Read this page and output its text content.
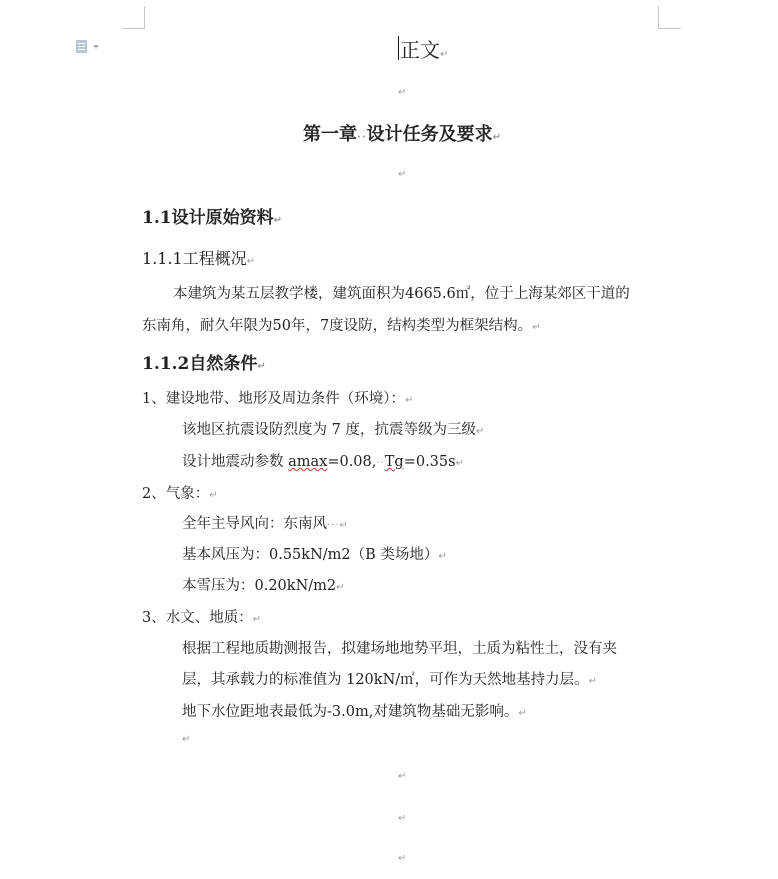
正文↵
↵
第一章··设计任务及要求↵
↵
1.1设计原始资料↵
1.1.1工程概况↵
本建筑为某五层教学楼，建筑面积为4665.6㎡，位于上海某郊区干道的
东南角，耐久年限为50年，7度设防，结构类型为框架结构。↵
1.1.2自然条件↵
1、建设地带、地形及周边条件（环境）：↵
该地区抗震设防烈度为 7 度，抗震等级为三级↵
设计地震动参数 amax=0.08,··Tg=0.35s↵
2、气象：↵
全年主导风向：东南风···↵
基本风压为：0.55kN/m2（B 类场地）↵
本雪压为：0.20kN/m2↵
3、水文、地质：↵
根据工程地质勘测报告，拟建场地地势平坦，土质为粘性土，没有夹
层，其承载力的标准值为 120kN/㎡，可作为天然地基持力层。↵
地下水位距地表最低为-3.0m,对建筑物基础无影响。↵
↵
↵
↵
↵
